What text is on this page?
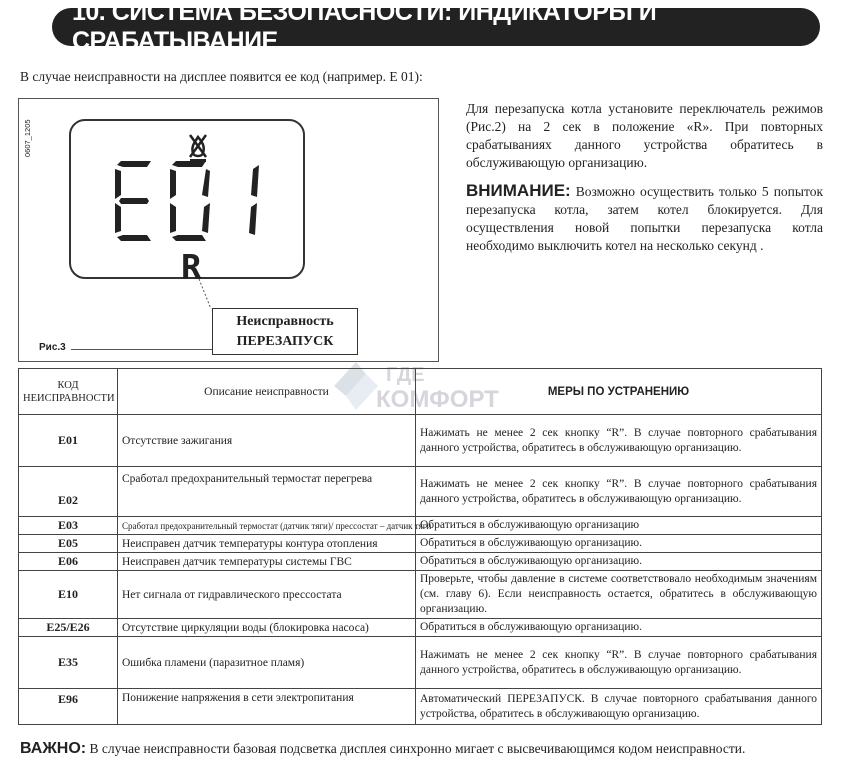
10. СИСТЕМА БЕЗОПАСНОСТИ: ИНДИКАТОРЫ И СРАБАТЫВАНИЕ
В случае неисправности на дисплее появится ее код (например. Е 01):
0607_1205
R
Неисправность
ПЕРЕЗАПУСК
Рис.3

Для перезапуска котла установите переключатель режимов (Рис.2) на 2 сек в положение «R». При повторных срабатываниях данного устройства обратитесь в обслуживающую организацию.

ВНИМАНИЕ: Возможно осуществить только 5 попыток перезапуска котла, затем котел блокируется. Для осуществления новой попытки перезапуска котла необходимо выключить котел на несколько секунд .

ГДЕ
КОМФОРТ
КОД
НЕИСПРАВНОСТИ	Описание неисправности	МЕРЫ ПО УСТРАНЕНИЮ
E01	Отсутствие зажигания	Нажимать не менее 2 сек кнопку “R”. В случае повторного срабатывания данного устройства, обратитесь в обслуживающую организацию.
E02	Сработал предохранительный термостат перегрева	Нажимать не менее 2 сек кнопку “R”. В случае повторного срабатывания данного устройства, обратитесь в обслуживающую организацию.
E03	Сработал предохранительный термостат (датчик тяги)/ прессостат – датчик тяги	Обратиться в обслуживающую организацию
E05	Неисправен датчик температуры контура отопления	Обратиться в обслуживающую организацию.
E06	Неисправен датчик температуры системы ГВС	Обратиться в обслуживающую организацию.
E10	Нет сигнала от гидравлического прессостата	Проверьте, чтобы давление в системе соответствовало необходимым значениям (см. главу 6). Если неисправность остается, обратитесь в обслуживающую организацию.
E25/E26	Отсутствие циркуляции воды (блокировка насоса)	Обратиться в обслуживающую организацию.
E35	Ошибка пламени (паразитное пламя)	Нажимать не менее 2 сек кнопку “R”. В случае повторного срабатывания данного устройства, обратитесь в обслуживающую организацию.
E96	Понижение напряжения в сети электропитания	Автоматический ПЕРЕЗАПУСК. В случае повторного срабатывания данного устройства, обратитесь в обслуживающую организацию.
ВАЖНО: В случае неисправности базовая подсветка дисплея синхронно мигает с высвечивающимся кодом неисправности.
